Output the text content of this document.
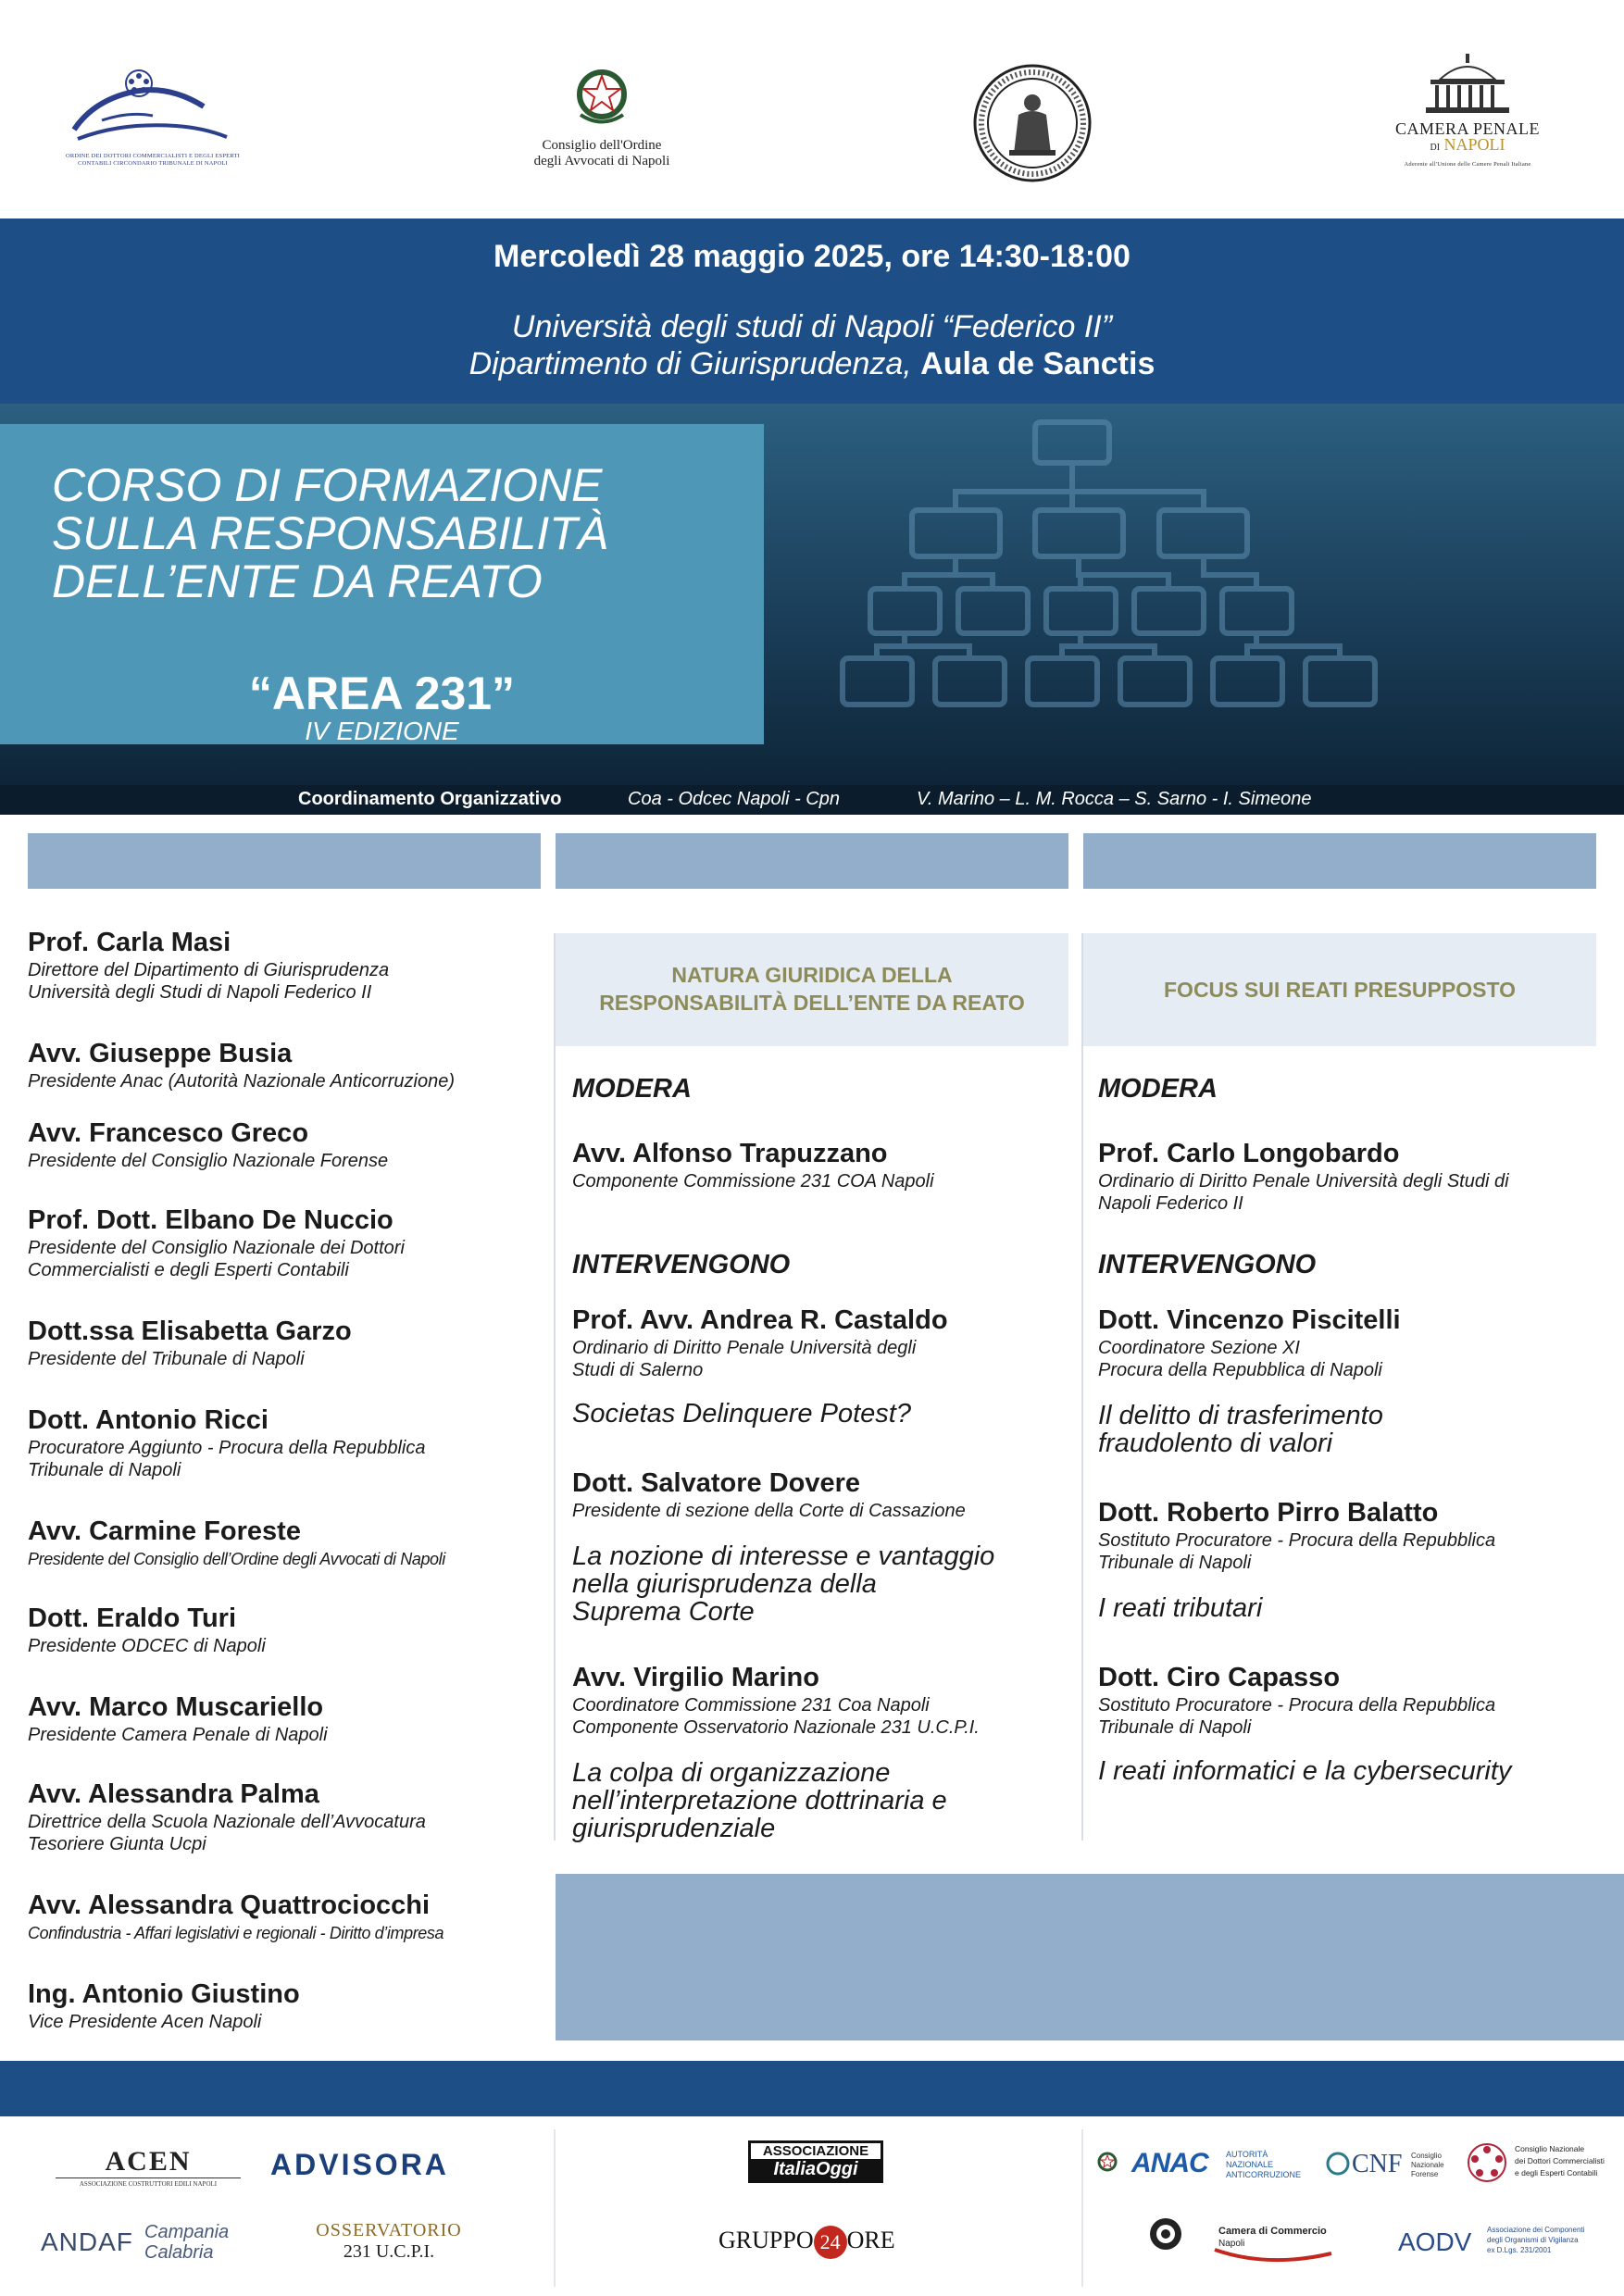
ORDINE DEI DOTTORI COMMERCIALISTI E DEGLI ESPERTI CONTABILI CIRCONDARIO TRIBUNALE DI NAPOLI
Consiglio dell'Ordine
degli Avvocati di Napoli
CAMERA PENALE
DI NAPOLI
Aderente all'Unione delle Camere Penali Italiane
Mercoledì 28 maggio 2025, ore 14:30-18:00
Università degli studi di Napoli “Federico II”
Dipartimento di Giurisprudenza, Aula de Sanctis
CORSO DI FORMAZIONE
SULLA RESPONSABILITÀ
DELL’ENTE DA REATO
“AREA 231”
IV EDIZIONE
Coordinamento Organizzativo	Coa - Odcec Napoli - Cpn	V. Marino – L. M. Rocca – S. Sarno - I. Simeone
Prof. Carla Masi
Direttore del Dipartimento di Giurisprudenza
Università degli Studi di Napoli Federico II
Avv. Giuseppe Busia
Presidente Anac (Autorità Nazionale Anticorruzione)
Avv. Francesco Greco
Presidente del Consiglio Nazionale Forense
Prof. Dott. Elbano De Nuccio
Presidente del Consiglio Nazionale dei Dottori
Commercialisti e degli Esperti Contabili
Dott.ssa Elisabetta Garzo
Presidente del Tribunale di Napoli
Dott. Antonio Ricci
Procuratore Aggiunto - Procura della Repubblica
Tribunale di Napoli
Avv. Carmine Foreste
Presidente del Consiglio dell’Ordine degli Avvocati di Napoli
Dott. Eraldo Turi
Presidente ODCEC di Napoli
Avv. Marco Muscariello
Presidente Camera Penale di Napoli
Avv. Alessandra Palma
Direttrice della Scuola Nazionale dell’Avvocatura
Tesoriere Giunta Ucpi
Avv. Alessandra Quattrociocchi
Confindustria - Affari legislativi e regionali - Diritto d’impresa
Ing. Antonio Giustino
Vice Presidente Acen Napoli
NATURA GIURIDICA DELLA
RESPONSABILITÀ DELL’ENTE DA REATO
MODERA
Avv. Alfonso Trapuzzano
Componente Commissione 231 COA Napoli
INTERVENGONO
Prof. Avv. Andrea R. Castaldo
Ordinario di Diritto Penale Università degli
Studi di Salerno
Societas Delinquere Potest?
Dott. Salvatore Dovere
Presidente di sezione della Corte di Cassazione
La nozione di interesse e vantaggio
nella giurisprudenza della
Suprema Corte
Avv. Virgilio Marino
Coordinatore Commissione 231 Coa Napoli
Componente Osservatorio Nazionale 231 U.C.P.I.
La colpa di organizzazione
nell’interpretazione dottrinaria e
giurisprudenziale
FOCUS SUI REATI PRESUPPOSTO
MODERA
Prof. Carlo Longobardo
Ordinario di Diritto Penale Università degli Studi di
Napoli Federico II
INTERVENGONO
Dott. Vincenzo Piscitelli
Coordinatore Sezione XI
Procura della Repubblica di Napoli
Il delitto di trasferimento
fraudolento di valori
Dott. Roberto Pirro Balatto
Sostituto Procuratore - Procura della Repubblica
Tribunale di Napoli
I reati tributari
Dott. Ciro Capasso
Sostituto Procuratore - Procura della Repubblica
Tribunale di Napoli
I reati informatici e la cybersecurity
ACEN
ASSOCIAZIONE COSTRUTTORI EDILI NAPOLI
ADVISORA
ANDAF Campania
Calabria
OSSERVATORIO
231 U.C.P.I.
ASSOCIAZIONE
ItaliaOggi
GRUPPO 24 ORE
ANAC AUTORITÀ
NAZIONALE
ANTICORRUZIONE CNF Consiglio
Nazionale
Forense
Consiglio Nazionale
dei Dottori Commercialisti
e degli Esperti Contabili
Camera di Commercio
Napoli	AODV Associazione dei Componenti
degli Organismi di Vigilanza
ex D.Lgs. 231/2001
